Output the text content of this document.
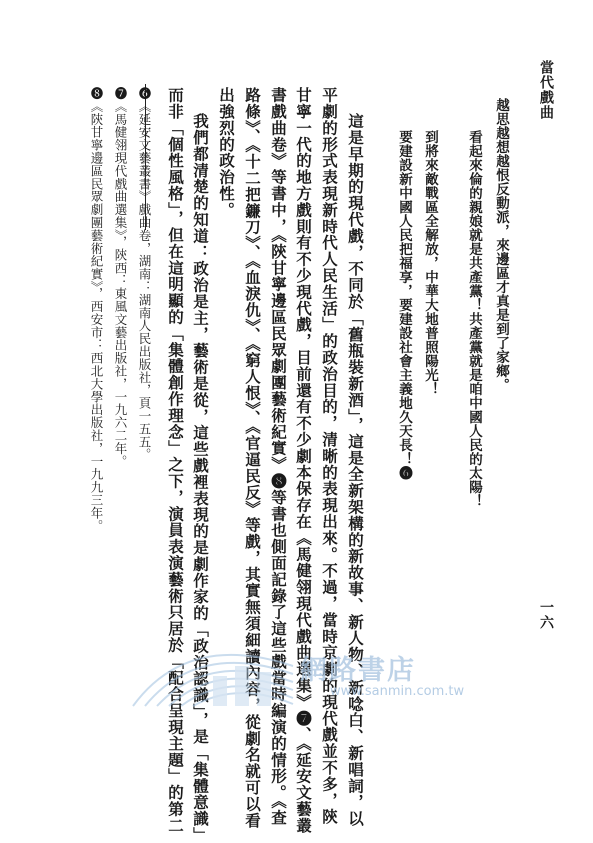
當代戲曲
一六
越思越想越恨反動派，來邊區才真是到了家鄉。
看起來倫的親娘就是共產黨！共產黨就是咱中國人民的太陽！
到將來敵戰區全解放，中華大地普照陽光！
要建設新中國人民把福享，要建設社會主義地久天長！❻
這是早期的現代戲，不同於「舊瓶裝新酒」，這是全新架構的新故事、新人物、新唸白、新唱詞，以
平劇的形式表現新時代人民生活」的政治目的，清晰的表現出來。不過，當時京劇的現代戲並不多，陝
甘寧一代的地方戲則有不少現代戲，目前還有不少劇本保存在《馬健翎現代戲曲選集》❼、《延安文藝叢
書戲曲卷》等書中，《陝甘寧邊區民眾劇團藝術紀實》❽等書也側面記錄了這些戲當時編演的情形。《查
路條》、《十二把鐮刀》、《血淚仇》、《窮人恨》、《官逼民反》等戲，其實無須細讀內容，從劇名就可以看
出強烈的政治性。
我們都清楚的知道：政治是主，藝術是從，這些戲裡表現的是劇作家的「政治認識」，是「集體意識」
而非「個性風格」，但在這明顯的「集體創作理念」之下，演員表演藝術只居於「配合呈現主題」的第二
❻《延安文藝叢書》戲曲卷，湖南：湖南人民出版社，頁一五五。
❼《馬健翎現代戲曲選集》，陝西：東風文藝出版社，一九六二年。
❽《陝甘寧邊區民眾劇團藝術紀實》，西安市：西北大學出版社，一九九三年。
網路書店
www.sanmin.com.tw
